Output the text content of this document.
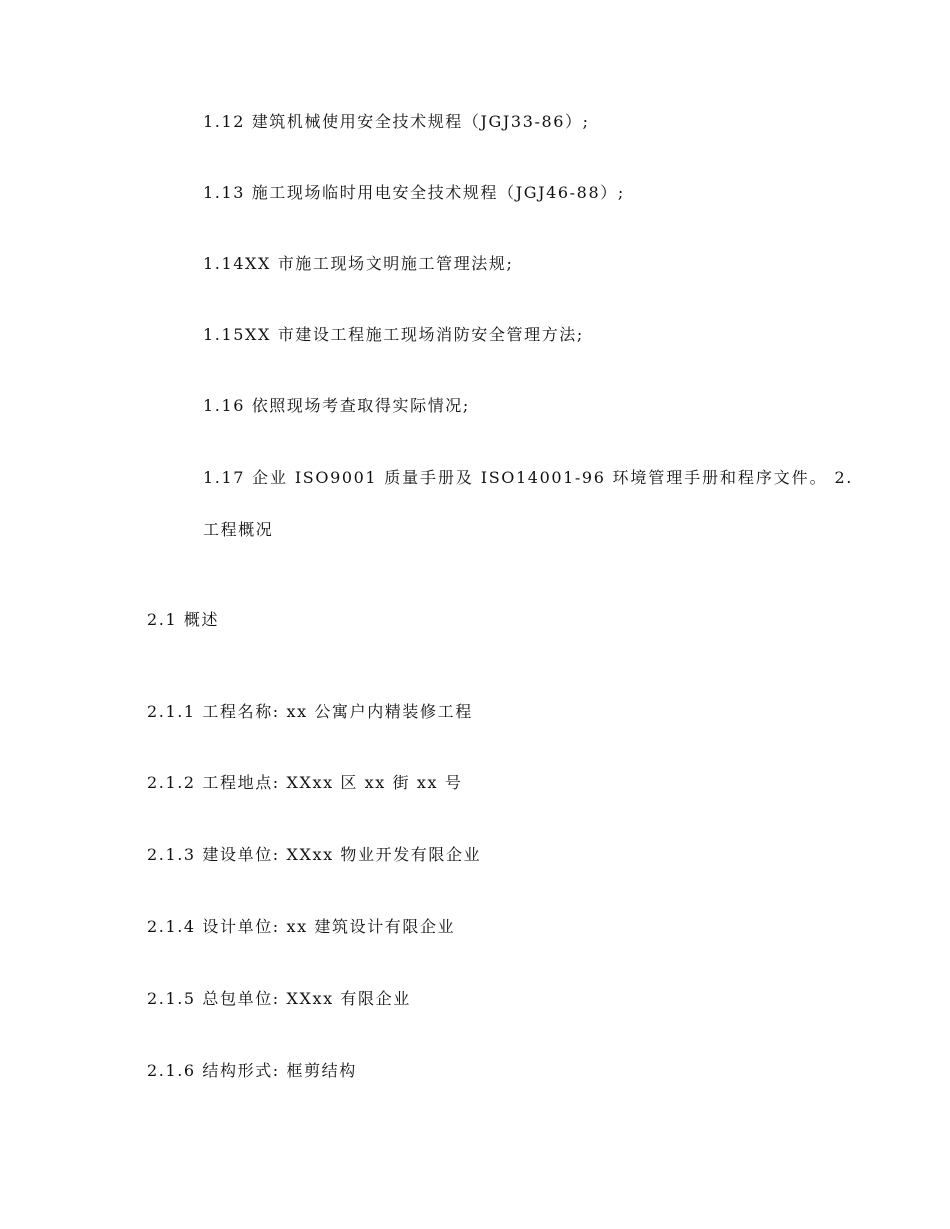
1.12 建筑机械使用安全技术规程（JGJ33-86）;
1.13 施工现场临时用电安全技术规程（JGJ46-88）;
1.14XX 市施工现场文明施工管理法规;
1.15XX 市建设工程施工现场消防安全管理方法;
1.16 依照现场考查取得实际情况;
1.17 企业 ISO9001 质量手册及 ISO14001-96 环境管理手册和程序文件。 2. 工程概况
2.1 概述
2.1.1 工程名称: xx 公寓户内精装修工程
2.1.2 工程地点: XXxx 区 xx 街 xx 号
2.1.3 建设单位: XXxx 物业开发有限企业
2.1.4 设计单位: xx 建筑设计有限企业
2.1.5 总包单位: XXxx 有限企业
2.1.6 结构形式: 框剪结构
